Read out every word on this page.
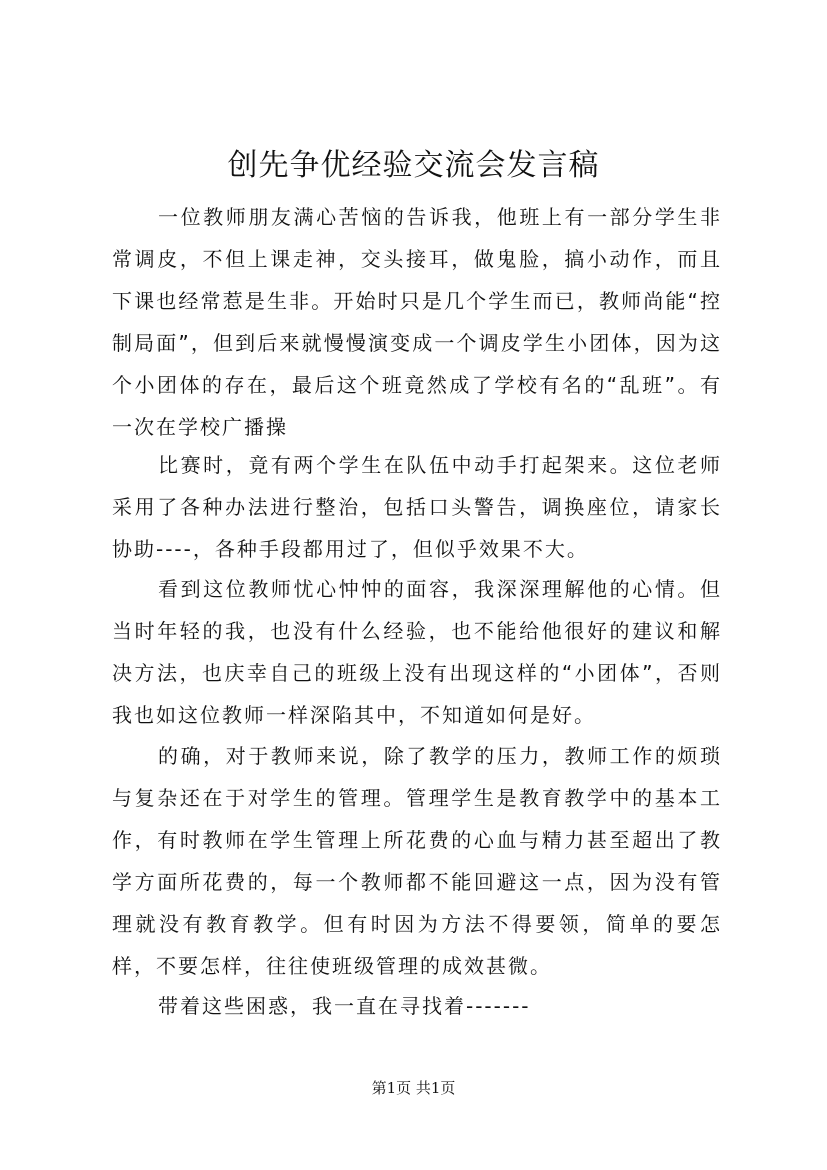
创先争优经验交流会发言稿

一位教师朋友满心苦恼的告诉我，他班上有一部分学生非常调皮，不但上课走神，交头接耳，做鬼脸，搞小动作，而且下课也经常惹是生非。开始时只是几个学生而已，教师尚能“控制局面”，但到后来就慢慢演变成一个调皮学生小团体，因为这个小团体的存在，最后这个班竟然成了学校有名的“乱班”。有一次在学校广播操

比赛时，竟有两个学生在队伍中动手打起架来。这位老师采用了各种办法进行整治，包括口头警告，调换座位，请家长协助----，各种手段都用过了，但似乎效果不大。

看到这位教师忧心忡忡的面容，我深深理解他的心情。但当时年轻的我，也没有什么经验，也不能给他很好的建议和解决方法，也庆幸自己的班级上没有出现这样的“小团体”，否则我也如这位教师一样深陷其中，不知道如何是好。

的确，对于教师来说，除了教学的压力，教师工作的烦琐与复杂还在于对学生的管理。管理学生是教育教学中的基本工作，有时教师在学生管理上所花费的心血与精力甚至超出了教学方面所花费的，每一个教师都不能回避这一点，因为没有管理就没有教育教学。但有时因为方法不得要领，简单的要怎样，不要怎样，往往使班级管理的成效甚微。

带着这些困惑，我一直在寻找着-------

第1页 共1页
